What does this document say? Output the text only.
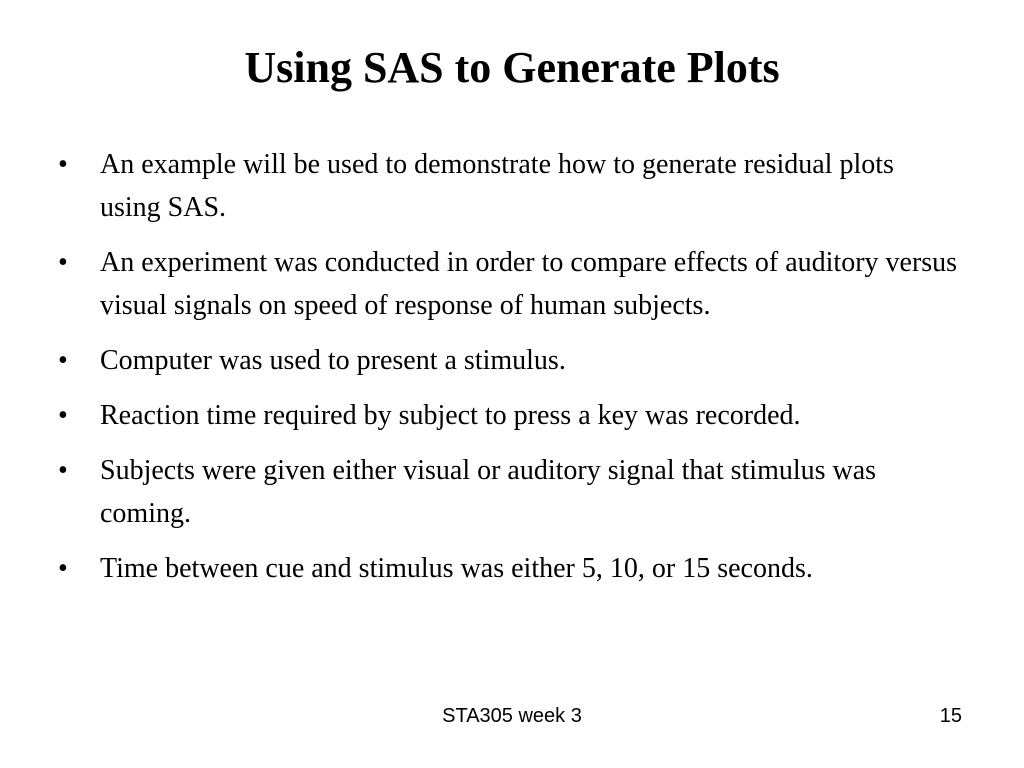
Using SAS to Generate Plots
•	An example will be used to demonstrate how to generate residual plots using SAS.
•	An experiment was conducted in order to compare effects of auditory versus visual signals on speed of response of human subjects.
•	Computer was used to present a stimulus.
•	Reaction time required by subject to press a key was recorded.
•	Subjects were given either visual or auditory signal that stimulus was coming.
•	Time between cue and stimulus was either 5, 10, or 15 seconds.
STA305 week 3	15
